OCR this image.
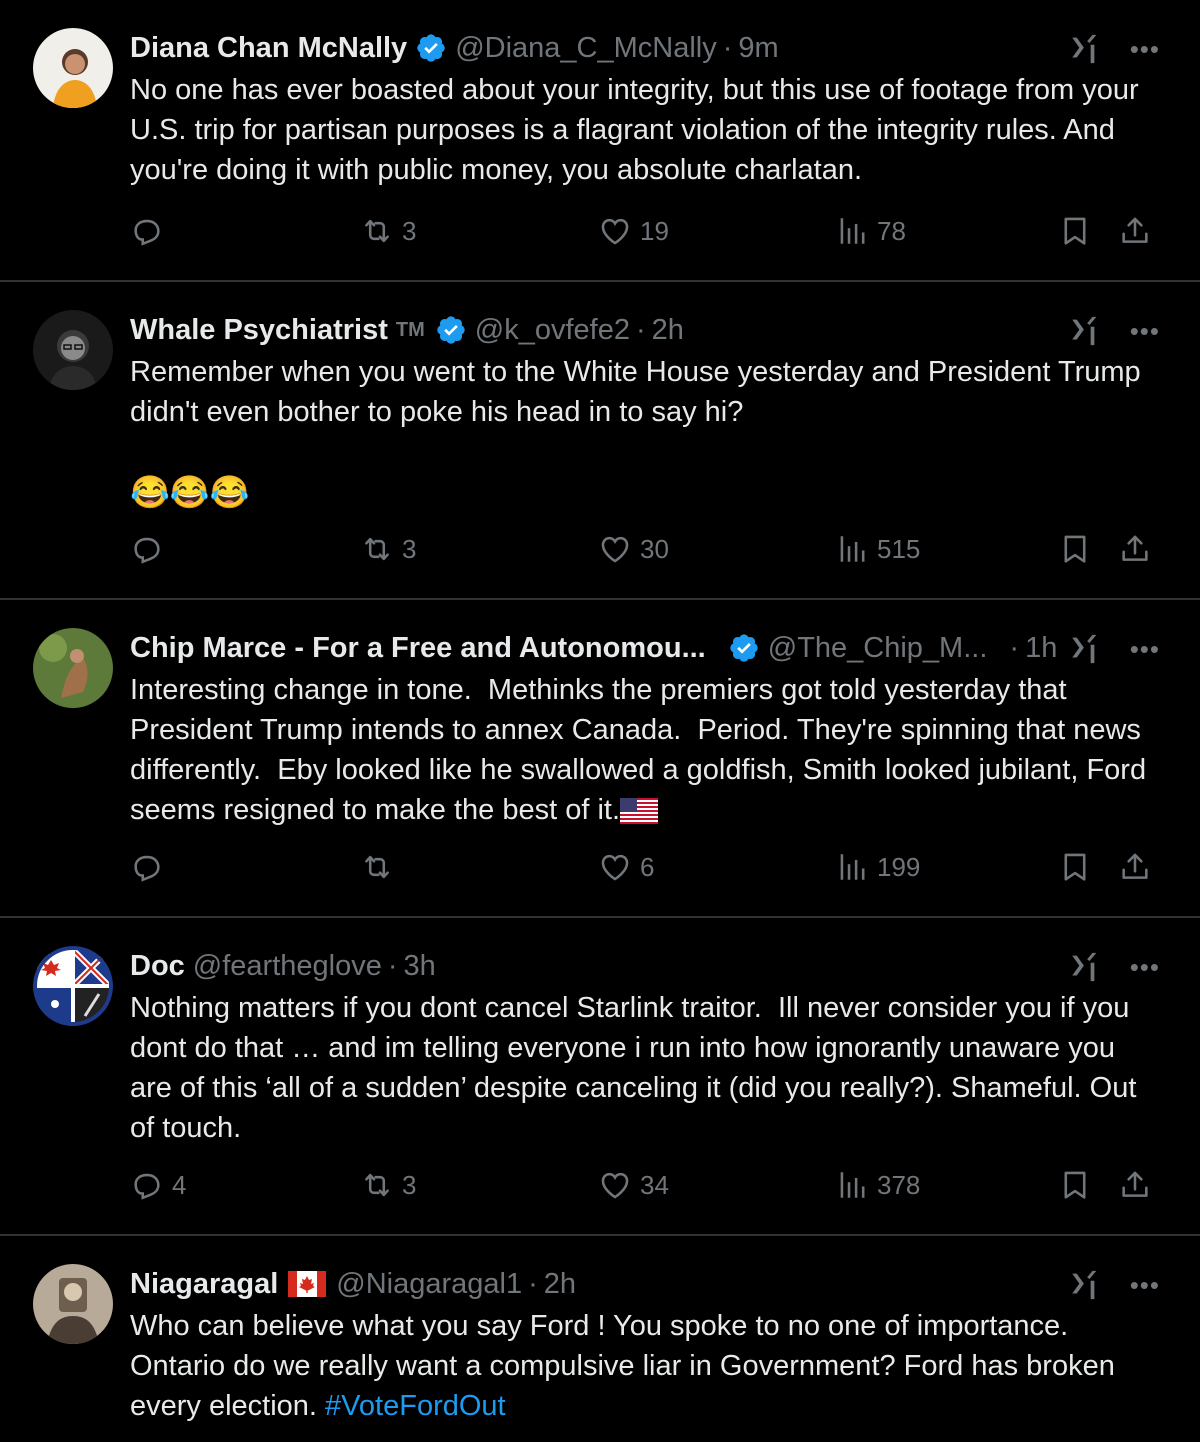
Diana Chan McNally @Diana_C_McNally · 9m	•••
No one has ever boasted about your integrity, but this use of footage from your U.S. trip for partisan purposes is a flagrant violation of the integrity rules. And you're doing it with public money, you absolute charlatan.
3	19	78
Whale Psychiatrist TM @k_ovfefe2 · 2h	•••
Remember when you went to the White House yesterday and President Trump didn't even bother to poke his head in to say hi?
😂😂😂
3	30	515
Chip Marce - For a Free and Autonomou... @The_Chip_M... · 1h	•••
Interesting change in tone.  Methinks the premiers got told yesterday that President Trump intends to annex Canada.  Period. They're spinning that news differently.  Eby looked like he swallowed a goldfish, Smith looked jubilant, Ford seems resigned to make the best of it.
6	199
Doc @feartheglove · 3h	•••
Nothing matters if you dont cancel Starlink traitor.  Ill never consider you if you dont do that … and im telling everyone i run into how ignorantly unaware you are of this ‘all of a sudden’ despite canceling it (did you really?). Shameful. Out of touch.
4	3	34	378
Niagaragal @Niagaragal1 · 2h	•••
Who can believe what you say Ford ! You spoke to no one of importance. Ontario do we really want a compulsive liar in Government? Ford has broken every election. #VoteFordOut
